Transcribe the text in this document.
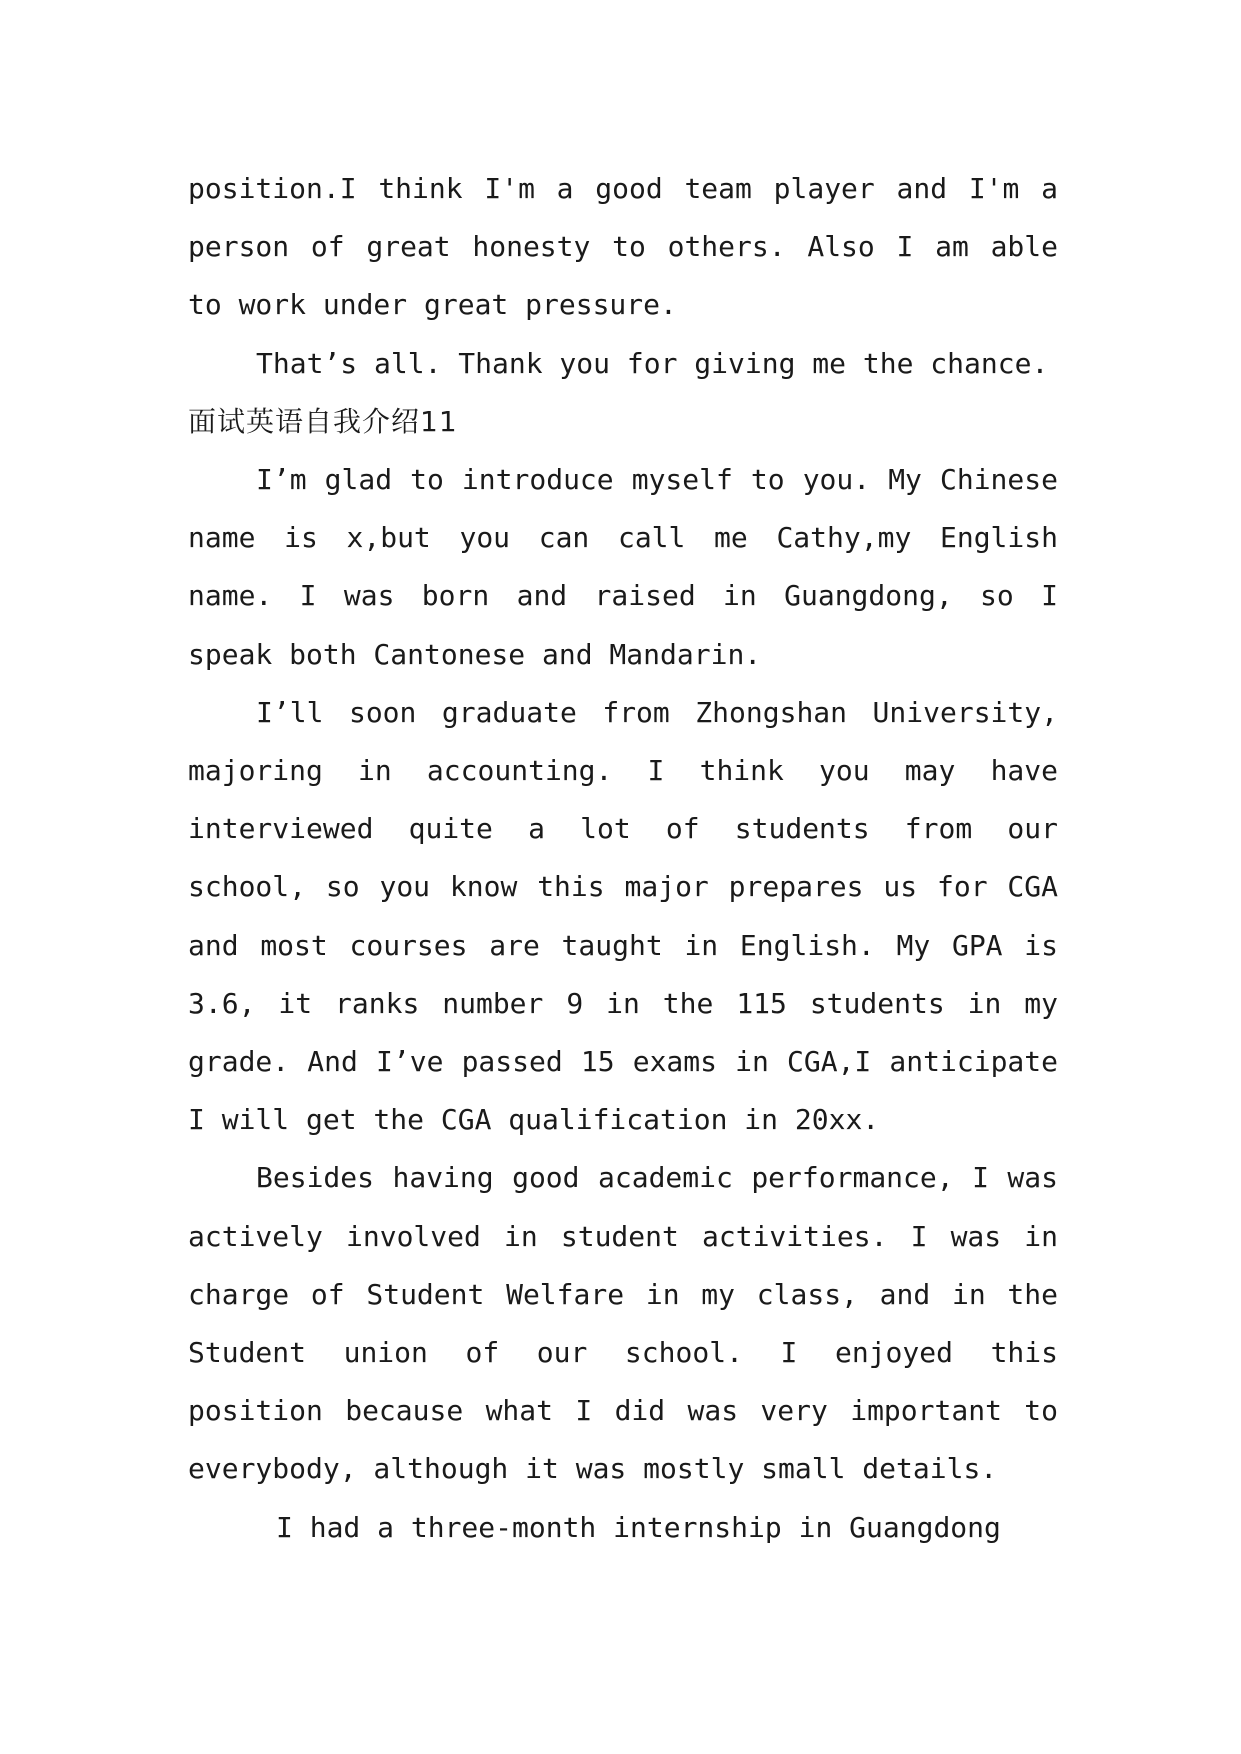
position.I think I'm a good team player and I'm a person of great honesty to others. Also I am able to work under great pressure.

That’s all. Thank you for giving me the chance.

面试英语自我介绍11

I’m glad to introduce myself to you. My Chinese name is x,but you can call me Cathy,my English name. I was born and raised in Guangdong, so I speak both Cantonese and Mandarin.

I’ll soon graduate from Zhongshan University, majoring in accounting. I think you may have interviewed quite a lot of students from our school, so you know this major prepares us for CGA and most courses are taught in English. My GPA is 3.6, it ranks number 9 in the 115 students in my grade. And I’ve passed 15 exams in CGA,I anticipate I will get the CGA qualification in 20xx.

Besides having good academic performance, I was actively involved in student activities. I was in charge of Student Welfare in my class, and in the Student union of our school. I enjoyed this position because what I did was very important to everybody, although it was mostly small details.

I had a three-month internship in Guangdong
